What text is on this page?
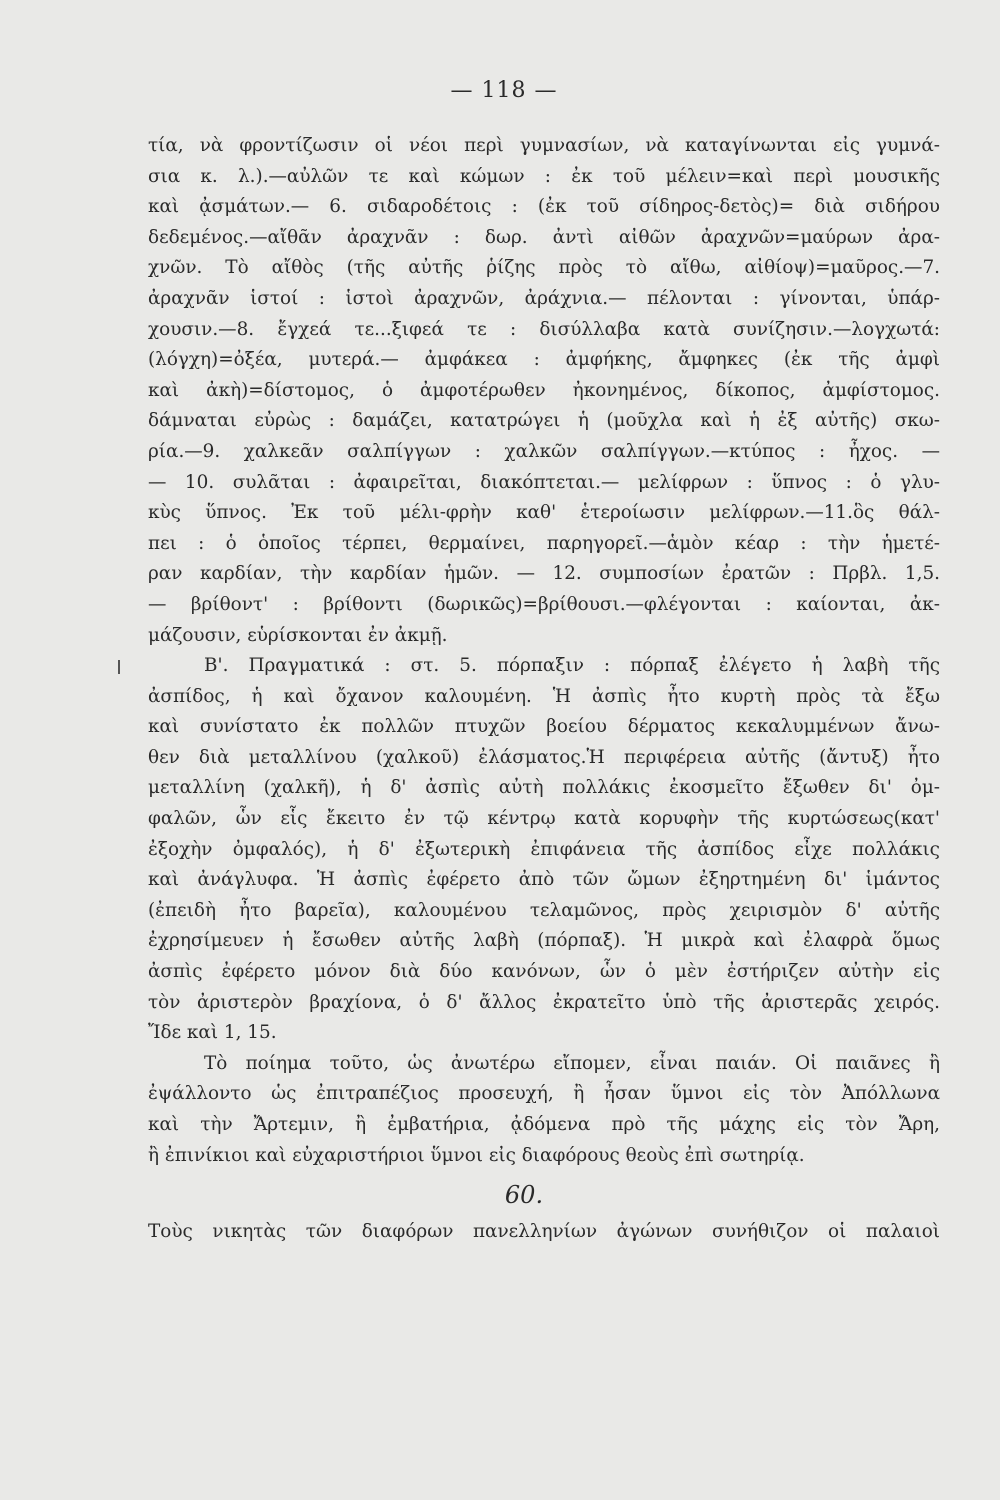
— 118 —
τία, νὰ φροντίζωσιν οἱ νέοι περὶ γυμνασίων, νὰ καταγίνωνται εἰς γυμνά-
σια κ. λ.).—αὐλῶν τε καὶ κώμων : ἐκ τοῦ μέλειν=καὶ περὶ μουσικῆς
καὶ ᾀσμάτων.— 6. σιδαροδέτοις : (ἐκ τοῦ σίδηρος-δετὸς)= διὰ σιδήρου
δεδεμένος.—αἴθᾶν ἀραχνᾶν : δωρ. ἀντὶ αἰθῶν ἀραχνῶν=μαύρων ἀρα-
χνῶν. Τὸ αἴθὸς (τῆς αὐτῆς ῥίζης πρὸς τὸ αἴθω, αἰθίοψ)=μαῦρος.—7.
ἀραχνᾶν ἱστοί : ἱστοὶ ἀραχνῶν, ἀράχνια.— πέλονται : γίνονται, ὑπάρ-
χουσιν.—8. ἔγχεά τε...ξιφεά τε : δισύλλαβα κατὰ συνίζησιν.—λογχωτά:
(λόγχη)=ὀξέα, μυτερά.— ἀμφάκεα : ἀμφήκης, ἄμφηκες (ἐκ τῆς ἀμφὶ
καὶ ἀκὴ)=δίστομος, ὁ ἀμφοτέρωθεν ἠκονημένος, δίκοπος, ἀμφίστομος.
δάμναται εὐρὼς : δαμάζει, κατατρώγει ἡ (μοῦχλα καὶ ἡ ἐξ αὐτῆς) σκω-
ρία.—9. χαλκεᾶν σαλπίγγων : χαλκῶν σαλπίγγων.—κτύπος : ἦχος. —
— 10. συλᾶται : ἀφαιρεῖται, διακόπτεται.— μελίφρων : ὕπνος : ὁ γλυ-
κὺς ὕπνος. Ἐκ τοῦ μέλι-φρὴν καθ' ἑτεροίωσιν μελίφρων.—11.ὃς θάλ-
πει : ὁ ὁποῖος τέρπει, θερμαίνει, παρηγορεῖ.—ἁμὸν κέαρ : τὴν ἡμετέ-
ραν καρδίαν, τὴν καρδίαν ἡμῶν. — 12. συμποσίων ἐρατῶν : Πρβλ. 1,5.
— βρίθοντ' : βρίθοντι (δωρικῶς)=βρίθουσι.—φλέγονται : καίονται, ἀκ-
μάζουσιν, εὑρίσκονται ἐν ἀκμῇ.
Β'. Πραγματικά : στ. 5. πόρπαξιν : πόρπαξ ἐλέγετο ἡ λαβὴ τῆς
ἀσπίδος, ἡ καὶ ὄχανον καλουμένη. Ἡ ἀσπὶς ἦτο κυρτὴ πρὸς τὰ ἔξω
καὶ συνίστατο ἐκ πολλῶν πτυχῶν βοείου δέρματος κεκαλυμμένων ἄνω-
θεν διὰ μεταλλίνου (χαλκοῦ) ἐλάσματος.Ἡ περιφέρεια αὐτῆς (ἄντυξ) ἦτο
μεταλλίνη (χαλκῆ), ἡ δ' ἀσπὶς αὐτὴ πολλάκις ἐκοσμεῖτο ἔξωθεν δι' ὀμ-
φαλῶν, ὧν εἷς ἔκειτο ἐν τῷ κέντρῳ κατὰ κορυφὴν τῆς κυρτώσεως(κατ'
ἐξοχὴν ὀμφαλός), ἡ δ' ἐξωτερικὴ ἐπιφάνεια τῆς ἀσπίδος εἶχε πολλάκις
καὶ ἀνάγλυφα. Ἡ ἀσπὶς ἐφέρετο ἀπὸ τῶν ὤμων ἐξηρτημένη δι' ἱμάντος
(ἐπειδὴ ἦτο βαρεῖα), καλουμένου τελαμῶνος, πρὸς χειρισμὸν δ' αὐτῆς
ἐχρησίμευεν ἡ ἔσωθεν αὐτῆς λαβὴ (πόρπαξ). Ἡ μικρὰ καὶ ἐλαφρὰ ὅμως
ἀσπὶς ἐφέρετο μόνον διὰ δύο κανόνων, ὧν ὁ μὲν ἐστήριζεν αὐτὴν εἰς
τὸν ἀριστερὸν βραχίονα, ὁ δ' ἄλλος ἐκρατεῖτο ὑπὸ τῆς ἀριστερᾶς χειρός.
Ἴδε καὶ 1, 15.
Τὸ ποίημα τοῦτο, ὡς ἀνωτέρω εἴπομεν, εἶναι παιάν. Οἱ παιᾶνες ἢ
ἐψάλλοντο ὡς ἐπιτραπέζιος προσευχή, ἢ ἦσαν ὕμνοι εἰς τὸν Ἀπόλλωνα
καὶ τὴν Ἄρτεμιν, ἢ ἐμβατήρια, ᾀδόμενα πρὸ τῆς μάχης εἰς τὸν Ἄρη,
ἢ ἐπινίκιοι καὶ εὐχαριστήριοι ὕμνοι εἰς διαφόρους θεοὺς ἐπὶ σωτηρίᾳ.
60.
Τοὺς νικητὰς τῶν διαφόρων πανελληνίων ἀγώνων συνήθιζον οἱ παλαιοὶ
